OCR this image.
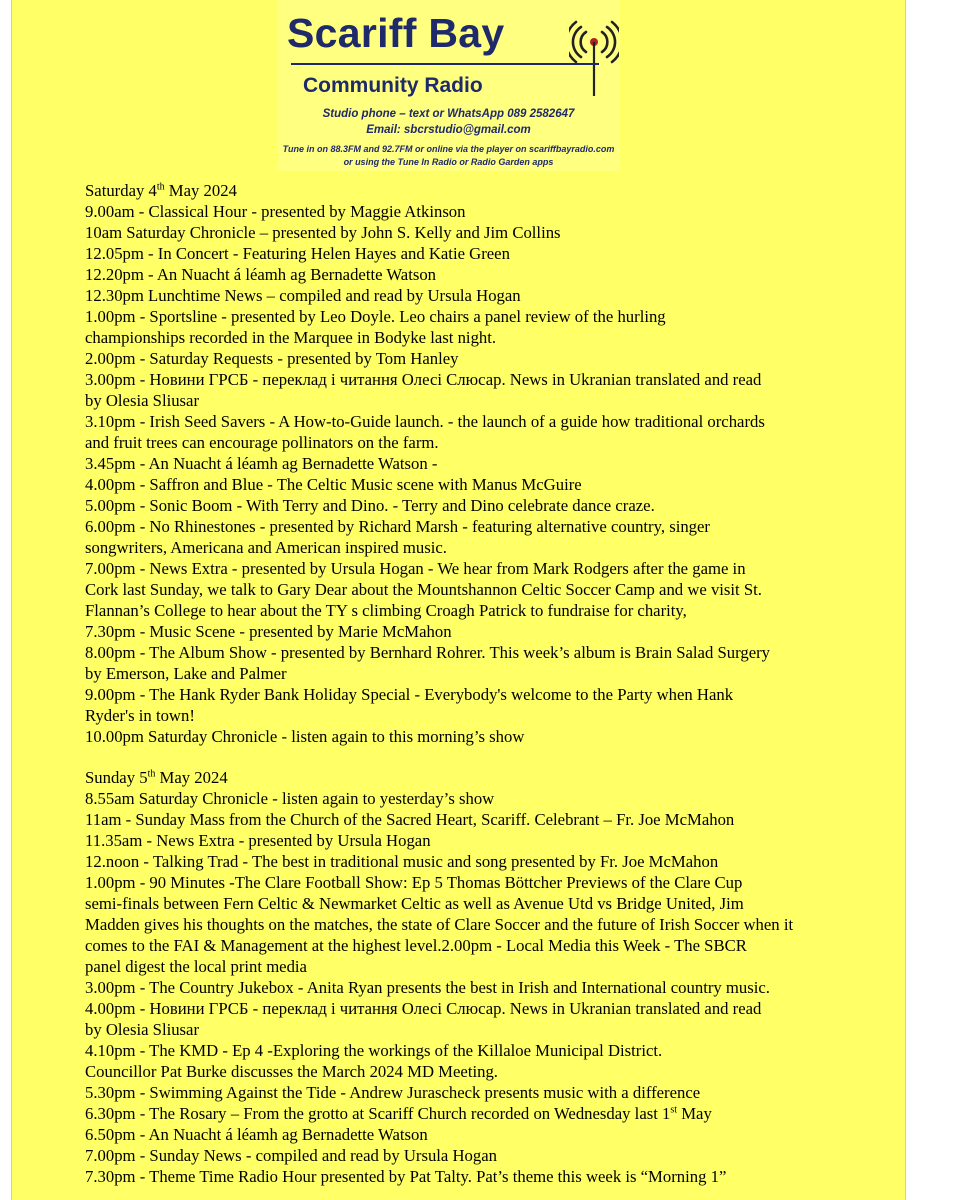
Scariff Bay
Community Radio
Studio phone – text or WhatsApp 089 2582647
Email: sbcrstudio@gmail.com
Tune in on 88.3FM and 92.7FM or online via the player on scariffbayradio.com
or using the Tune In Radio or Radio Garden apps
Saturday 4th May 2024
9.00am - Classical Hour - presented by Maggie Atkinson
10am Saturday Chronicle – presented by John S. Kelly and Jim Collins
12.05pm - In Concert - Featuring Helen Hayes and Katie Green
12.20pm - An Nuacht á léamh ag Bernadette Watson
12.30pm Lunchtime News – compiled and read by Ursula Hogan
1.00pm - Sportsline - presented by Leo Doyle. Leo chairs a panel review of the hurling
championships recorded in the Marquee in Bodyke last night.
2.00pm - Saturday Requests - presented by Tom Hanley
3.00pm - Новини ГРСБ - переклад і читання Олесі Слюсар. News in Ukranian translated and read
by Olesia Sliusar
3.10pm - Irish Seed Savers - A How-to-Guide launch. - the launch of a guide how traditional orchards
and fruit trees can encourage pollinators on the farm.
3.45pm - An Nuacht á léamh ag Bernadette Watson -
4.00pm - Saffron and Blue - The Celtic Music scene with Manus McGuire
5.00pm - Sonic Boom - With Terry and Dino. - Terry and Dino celebrate dance craze.
6.00pm - No Rhinestones - presented by Richard Marsh - featuring alternative country, singer
songwriters, Americana and American inspired music.
7.00pm - News Extra - presented by Ursula Hogan - We hear from Mark Rodgers after the game in
Cork last Sunday, we talk to Gary Dear about the Mountshannon Celtic Soccer Camp and we visit St.
Flannan’s College to hear about the TY s climbing Croagh Patrick to fundraise for charity,
7.30pm - Music Scene - presented by Marie McMahon
8.00pm - The Album Show - presented by Bernhard Rohrer. This week’s album is Brain Salad Surgery
by Emerson, Lake and Palmer
9.00pm - The Hank Ryder Bank Holiday Special - Everybody's welcome to the Party when Hank
Ryder's in town!
10.00pm Saturday Chronicle - listen again to this morning’s show
Sunday 5th May 2024
8.55am Saturday Chronicle - listen again to yesterday’s show
11am - Sunday Mass from the Church of the Sacred Heart, Scariff. Celebrant – Fr. Joe McMahon
11.35am - News Extra - presented by Ursula Hogan
12.noon - Talking Trad - The best in traditional music and song presented by Fr. Joe McMahon
1.00pm - 90 Minutes -The Clare Football Show: Ep 5 Thomas Böttcher Previews of the Clare Cup
semi-finals between Fern Celtic & Newmarket Celtic as well as Avenue Utd vs Bridge United, Jim
Madden gives his thoughts on the matches, the state of Clare Soccer and the future of Irish Soccer when it
comes to the FAI & Management at the highest level.2.00pm - Local Media this Week - The SBCR
panel digest the local print media
3.00pm - The Country Jukebox - Anita Ryan presents the best in Irish and International country music.
4.00pm - Новини ГРСБ - переклад і читання Олесі Слюсар. News in Ukranian translated and read
by Olesia Sliusar
4.10pm - The KMD - Ep 4 -Exploring the workings of the Killaloe Municipal District.
Councillor Pat Burke discusses the March 2024 MD Meeting.
5.30pm - Swimming Against the Tide - Andrew Jurascheck presents music with a difference
6.30pm - The Rosary – From the grotto at Scariff Church recorded on Wednesday last 1st May
6.50pm - An Nuacht á léamh ag Bernadette Watson
7.00pm - Sunday News - compiled and read by Ursula Hogan
7.30pm - Theme Time Radio Hour presented by Pat Talty. Pat’s theme this week is “Morning 1”
